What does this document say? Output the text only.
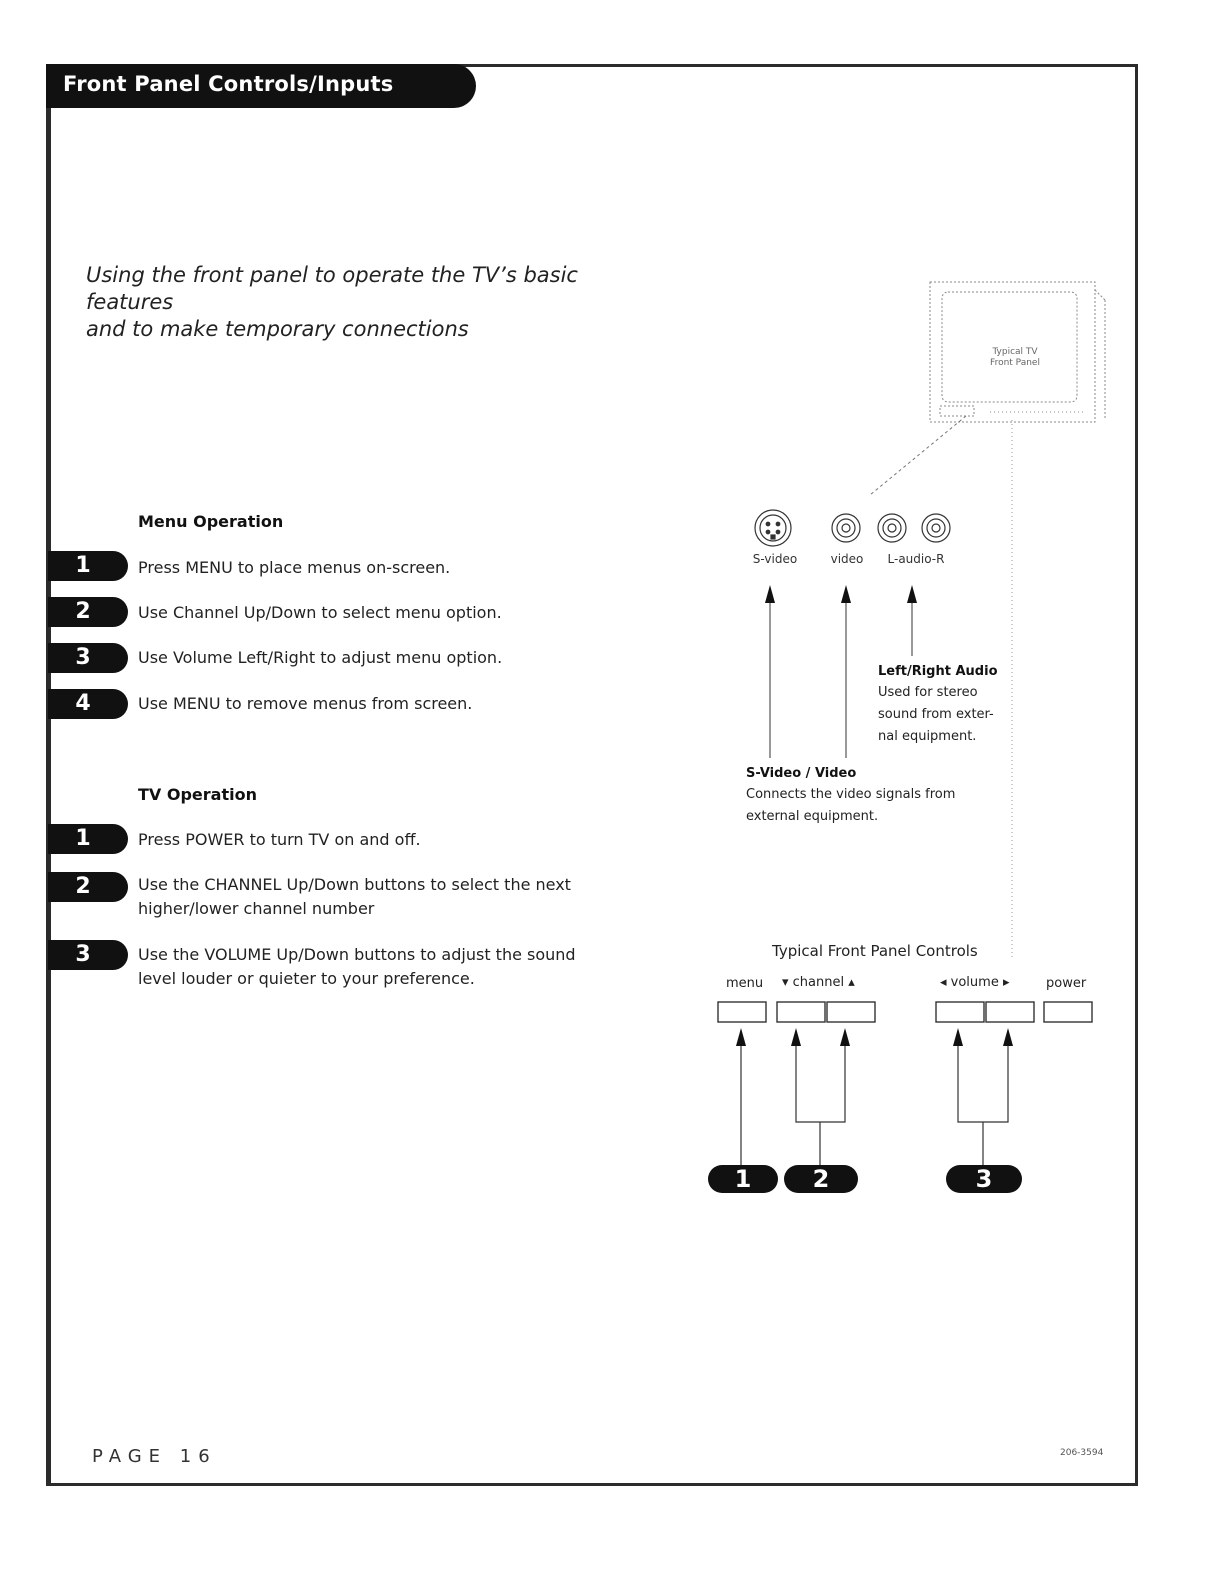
Front Panel Controls/Inputs
Using the front panel to operate the TV’s basic features
and to make temporary connections
Menu Operation
1	Press MENU to place menus on-screen.
2	Use Channel Up/Down to select menu option.
3	Use Volume Left/Right to adjust menu option.
4	Use MENU to remove menus from screen.
TV Operation
1	Press POWER to turn TV on and off.
2	Use the CHANNEL Up/Down buttons to select the next higher/lower channel number
3	Use the VOLUME Up/Down buttons to adjust the sound level louder or quieter to your preference.
Typical TV
Front Panel
S-video	video	L-audio-R
Left/Right Audio
Used for stereo
sound from exter-
nal equipment.
S-Video / Video
Connects the video signals from
external equipment.
Typical Front Panel Controls
menu ▾ channel ▴	◂ volume ▸	power
1	2	3
PAGE 16	206-3594
